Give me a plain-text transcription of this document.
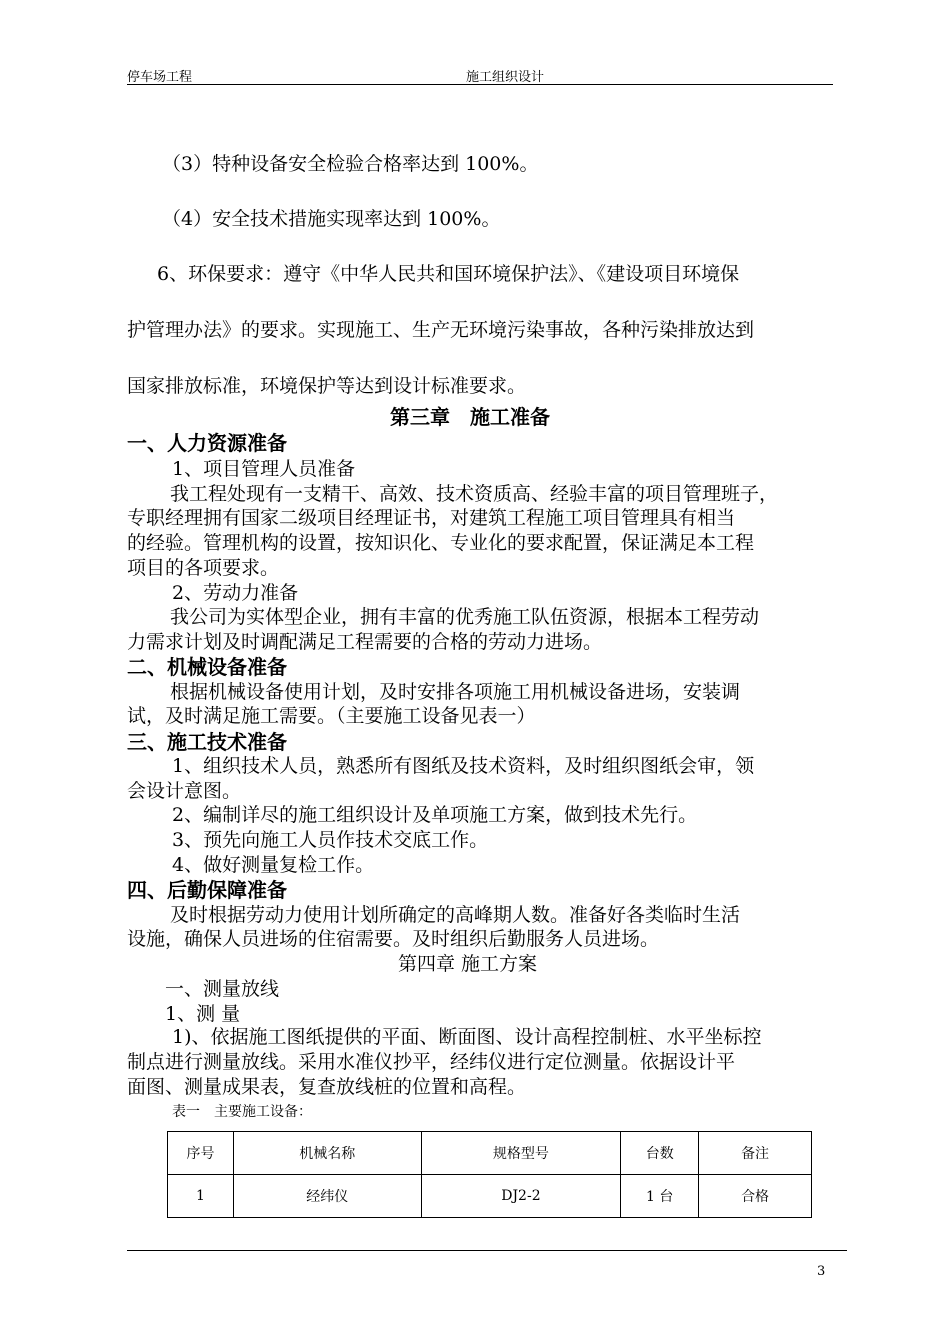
停车场工程	施工组织设计
（3）特种设备安全检验合格率达到 100%。
（4）安全技术措施实现率达到 100%。
6、环保要求：遵守《中华人民共和国环境保护法》、《建设项目环境保
护管理办法》的要求。实现施工、生产无环境污染事故，各种污染排放达到
国家排放标准，环境保护等达到设计标准要求。
第三章　施工准备
一、人力资源准备
1、项目管理人员准备
我工程处现有一支精干、高效、技术资质高、经验丰富的项目管理班子，
专职经理拥有国家二级项目经理证书，对建筑工程施工项目管理具有相当
的经验。管理机构的设置，按知识化、专业化的要求配置，保证满足本工程
项目的各项要求。
2、劳动力准备
我公司为实体型企业，拥有丰富的优秀施工队伍资源，根据本工程劳动
力需求计划及时调配满足工程需要的合格的劳动力进场。
二、机械设备准备
根据机械设备使用计划，及时安排各项施工用机械设备进场，安装调
试，及时满足施工需要。（主要施工设备见表一）
三、施工技术准备
1、组织技术人员，熟悉所有图纸及技术资料，及时组织图纸会审，领
会设计意图。
2、编制详尽的施工组织设计及单项施工方案，做到技术先行。
3、预先向施工人员作技术交底工作。
4、做好测量复检工作。
四、后勤保障准备
及时根据劳动力使用计划所确定的高峰期人数。准备好各类临时生活
设施，确保人员进场的住宿需要。及时组织后勤服务人员进场。
第四章 施工方案
一、测量放线
1、测 量
1)、依据施工图纸提供的平面、断面图、设计高程控制桩、水平坐标控
制点进行测量放线。采用水准仪抄平，经纬仪进行定位测量。依据设计平
面图、测量成果表，复查放线桩的位置和高程。
表一　主要施工设备：
序号	机械名称	规格型号	台数	备注
1	经纬仪	DJ2-2	1 台	合格
3
